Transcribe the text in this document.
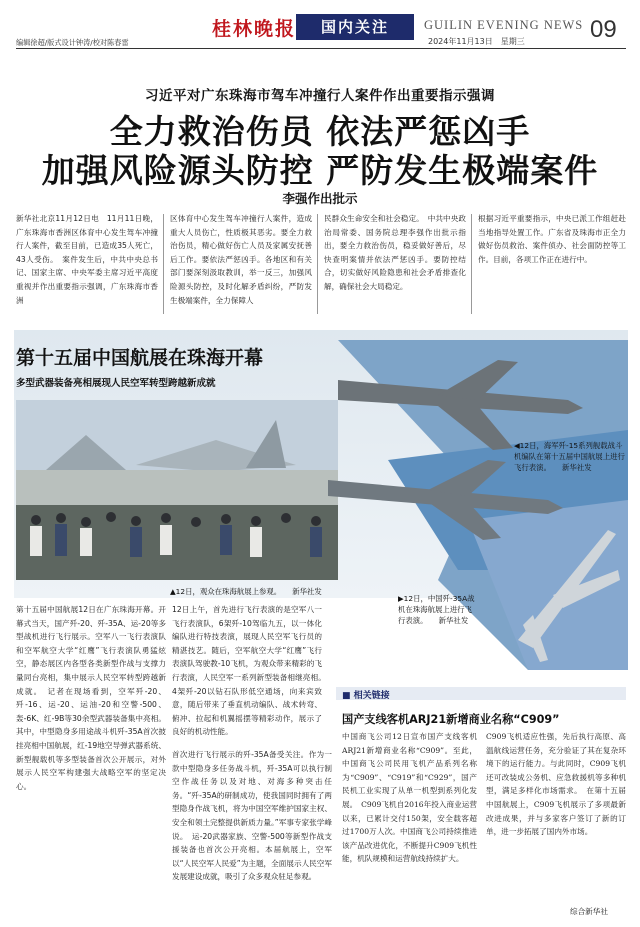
桂林晚报	国内关注	GUILIN EVENING NEWS
2024年11月13日　星期三	09
编辑徐超/版式设计钟涛/校对陈春雷
习近平对广东珠海市驾车冲撞行人案件作出重要指示强调
全力救治伤员 依法严惩凶手
加强风险源头防控 严防发生极端案件
李强作出批示
新华社北京11月12日电　11月11日晚，广东珠海市香洲区体育中心发生驾车冲撞行人案件，截至目前，已造成35人死亡，43人受伤。　案件发生后，中共中央总书记、国家主席、中央军委主席习近平高度重视并作出重要指示强调，广东珠海市香洲
区体育中心发生驾车冲撞行人案件，造成重大人员伤亡，性质极其恶劣。要全力救治伤员，精心做好伤亡人员及家属安抚善后工作。要依法严惩凶手。各地区和有关部门要深刻汲取教训，举一反三，加强风险源头防控，及时化解矛盾纠纷，严防发生极端案件，全力保障人
民群众生命安全和社会稳定。　中共中央政治局常委、国务院总理李强作出批示指出，要全力救治伤员，稳妥做好善后，尽快查明案情并依法严惩凶手。要防控结合，切实做好风险隐患和社会矛盾排查化解，确保社会大局稳定。
根据习近平重要指示，中央已派工作组赶赴当地指导处置工作。广东省及珠海市正全力做好伤员救治、案件侦办、社会面防控等工作。目前，各项工作正在进行中。
第十五届中国航展在珠海开幕
多型武器装备亮相展现人民空军转型跨越新成就
▲12日，观众在珠海航展上参观。　　新华社发
◀12日，海军歼-15系列舰载战斗机编队在第十五届中国航展上进行飞行表演。　　新华社发
▶12日，中国歼-35A战机在珠海航展上进行飞行表演。　　新华社发
第十五届中国航展12日在广东珠海开幕。开幕式当天，国产歼-20、歼-35A、运-20等多型战机进行飞行展示。空军八一飞行表演队和空军航空大学“红鹰”飞行表演队勇猛炫空，静态展区内各型各类新型作战与支撑力量同台亮相，集中展示人民空军转型跨越新成就。　记者在现场看到，空军歼-20、歼-16、运-20、运油-20和空警-500、轰-6K、红-9B等30余型武器装备集中亮相。其中，中型隐身多用途战斗机歼-35A首次披挂亮相中国航展，红-19地空导弹武器系统、新型舰载机等多型装备首次公开展示，对外展示人民空军构建强大战略空军的坚定决心。
12日上午，首先进行飞行表演的是空军八一飞行表演队，6架歼-10驾临九五，以一体化编队进行特技表演，展现人民空军飞行员的精湛技艺。随后，空军航空大学“红鹰”飞行表演队驾驶教-10飞机，为观众带来精彩的飞行表演，人民空军一系列新型装备相继亮相。　4架歼-20以钻石队形低空通场，向来宾致意，随后带来了垂直机动编队、战术转弯、俯冲、拉起和机翼摇摆等精彩动作，展示了良好的机动性能。
■ 相关链接
国产支线客机ARJ21新增商业名称“C909”
中国商飞公司12日宣布国产支线客机ARJ21新增商业名称“C909”。至此，中国商飞公司民用飞机产品系列名称为“C909”、“C919”和“C929”，国产民机工业实现了从单一机型到系列化发展。　C909飞机自2016年投入商业运营以来，已累计交付150架，安全载客超过1700万人次。中国商飞公司持续推进该产品改进优化，不断提升C909飞机性能，机队规模和运营航线持续扩大。
C909飞机适应性强，先后执行高原、高温航线运营任务，充分验证了其在复杂环境下的运行能力。与此同时，C909飞机还可改装成公务机、应急救援机等多种机型，满足多样化市场需求。　在第十五届中国航展上，C909飞机展示了多项最新改进成果，并与多家客户签订了新的订单，进一步拓展了国内外市场。
综合新华社
首次进行飞行展示的歼-35A备受关注。作为一款中型隐身多任务战斗机，歼-35A可以执行制空作战任务以及对地、对海多种突击任务。“歼-35A的研制成功，使我国同时拥有了两型隐身作战飞机，将为中国空军维护国家主权、安全和领土完整提供新质力量。”军事专家张学峰说。　运-20武器家族、空警-500等新型作战支援装备也首次公开亮相。本届航展上，空军以“人民空军人民爱”为主题，全面展示人民空军发展建设成就，吸引了众多观众驻足参观。
